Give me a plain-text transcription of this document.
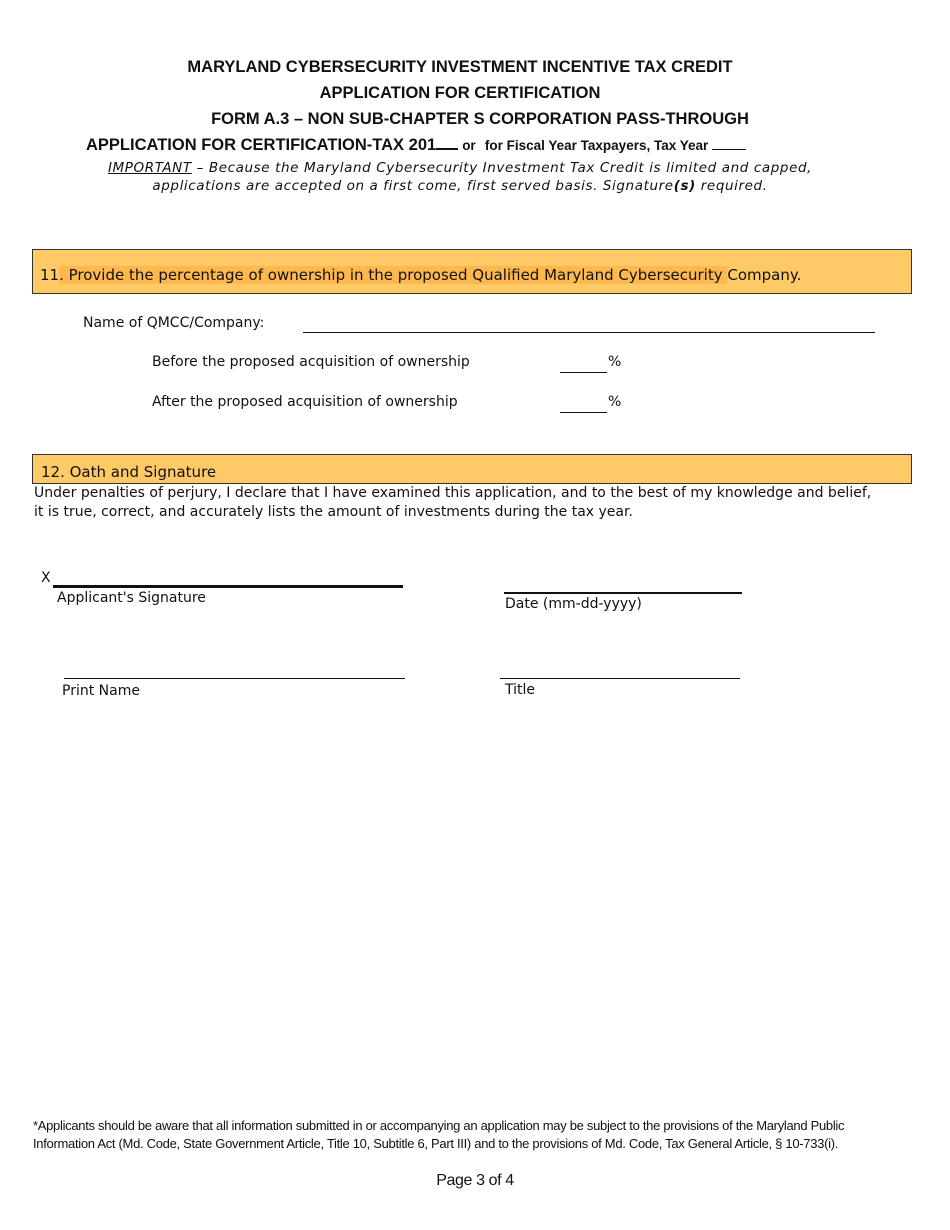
MARYLAND CYBERSECURITY INVESTMENT INCENTIVE TAX CREDIT
APPLICATION FOR CERTIFICATION
FORM A.3 – NON SUB-CHAPTER S CORPORATION PASS-THROUGH
APPLICATION FOR CERTIFICATION-TAX 201 or for Fiscal Year Taxpayers, Tax Year
IMPORTANT – Because the Maryland Cybersecurity Investment Tax Credit is limited and capped,
applications are accepted on a first come, first served basis. Signature(s) required.
11. Provide the percentage of ownership in the proposed Qualified Maryland Cybersecurity Company.
Name of QMCC/Company:
Before the proposed acquisition of ownership	%
After the proposed acquisition of ownership	%
12. Oath and Signature
Under penalties of perjury, I declare that I have examined this application, and to the best of my knowledge and belief, it is true, correct, and accurately lists the amount of investments during the tax year.
X
Applicant's Signature	Date (mm-dd-yyyy)
Print Name	Title
*Applicants should be aware that all information submitted in or accompanying an application may be subject to the provisions of the Maryland Public Information Act (Md. Code, State Government Article, Title 10, Subtitle 6, Part III) and to the provisions of Md. Code, Tax General Article, § 10-733(i).
Page 3 of 4
